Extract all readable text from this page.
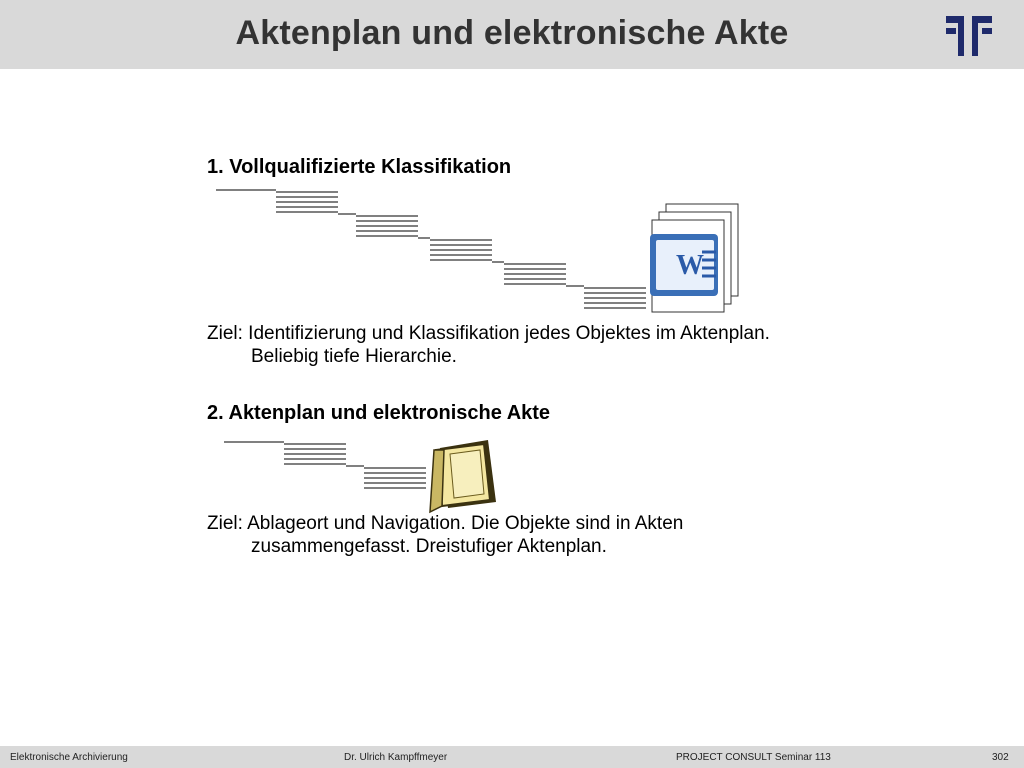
Aktenplan und elektronische Akte
W
1. Vollqualifizierte Klassifikation
Ziel: Identifizierung und Klassifikation jedes Objektes im Aktenplan.
Beliebig tiefe Hierarchie.
2. Aktenplan und elektronische Akte
Ziel: Ablageort und Navigation. Die Objekte sind in Akten
zusammengefasst. Dreistufiger Aktenplan.
Elektronische Archivierung	Dr. Ulrich Kampffmeyer	PROJECT CONSULT Seminar 113	302
